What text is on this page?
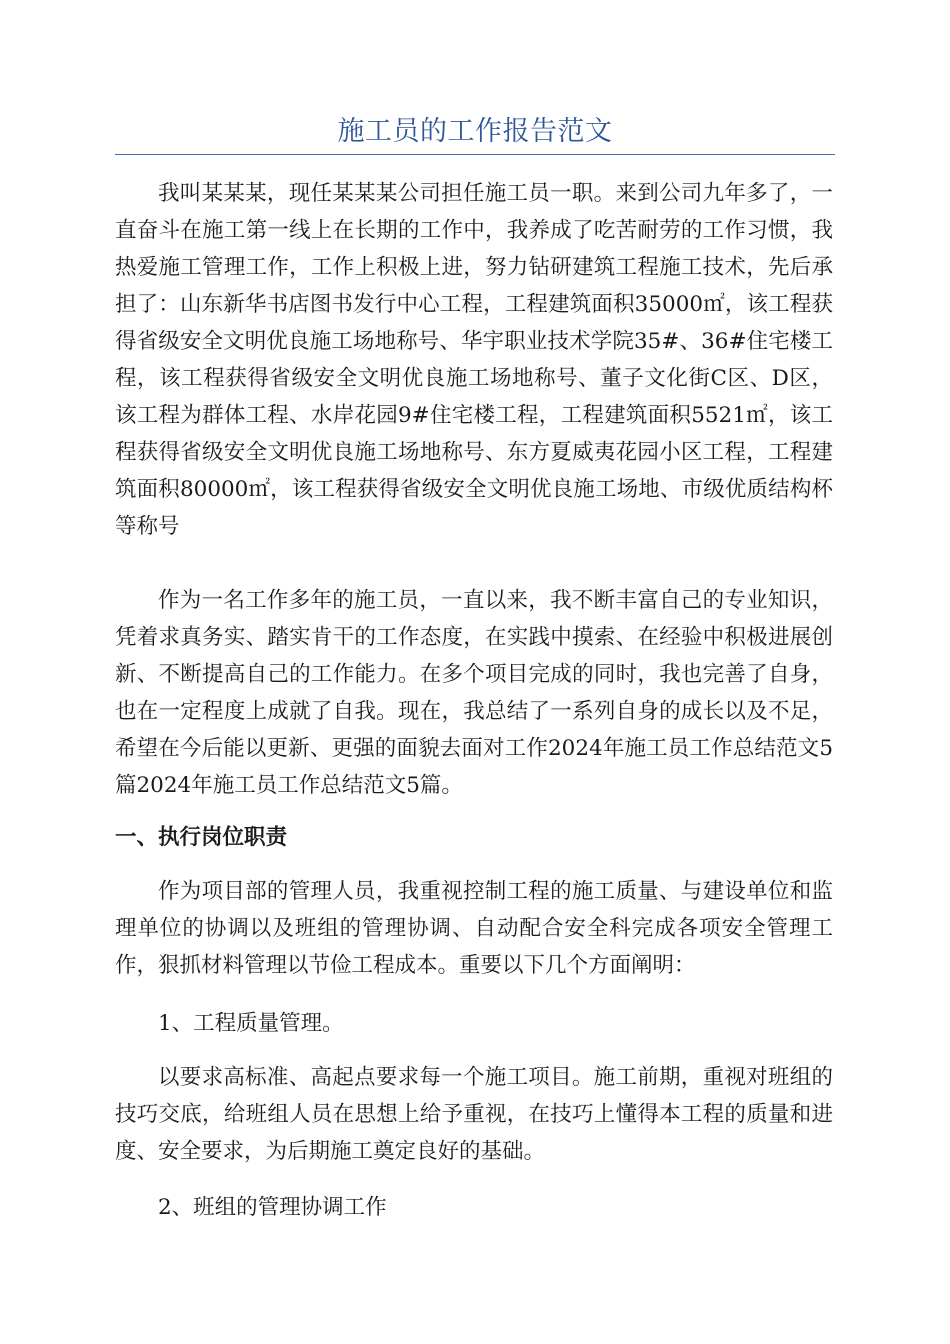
施工员的工作报告范文

我叫某某某，现任某某某公司担任施工员一职。来到公司九年多了，一直奋斗在施工第一线上在长期的工作中，我养成了吃苦耐劳的工作习惯，我热爱施工管理工作，工作上积极上进，努力钻研建筑工程施工技术，先后承担了：山东新华书店图书发行中心工程，工程建筑面积35000㎡，该工程获得省级安全文明优良施工场地称号、华宇职业技术学院35#、36#住宅楼工程，该工程获得省级安全文明优良施工场地称号、董子文化街C区、D区，该工程为群体工程、水岸花园9#住宅楼工程，工程建筑面积5521㎡，该工程获得省级安全文明优良施工场地称号、东方夏威夷花园小区工程，工程建筑面积80000㎡，该工程获得省级安全文明优良施工场地、市级优质结构杯等称号

作为一名工作多年的施工员，一直以来，我不断丰富自己的专业知识，凭着求真务实、踏实肯干的工作态度，在实践中摸索、在经验中积极进展创新、不断提高自己的工作能力。在多个项目完成的同时，我也完善了自身，也在一定程度上成就了自我。现在，我总结了一系列自身的成长以及不足，希望在今后能以更新、更强的面貌去面对工作2024年施工员工作总结范文5篇2024年施工员工作总结范文5篇。

一、执行岗位职责

作为项目部的管理人员，我重视控制工程的施工质量、与建设单位和监理单位的协调以及班组的管理协调、自动配合安全科完成各项安全管理工作，狠抓材料管理以节俭工程成本。重要以下几个方面阐明：

1、工程质量管理。

以要求高标准、高起点要求每一个施工项目。施工前期，重视对班组的技巧交底，给班组人员在思想上给予重视，在技巧上懂得本工程的质量和进度、安全要求，为后期施工奠定良好的基础。

2、班组的管理协调工作
